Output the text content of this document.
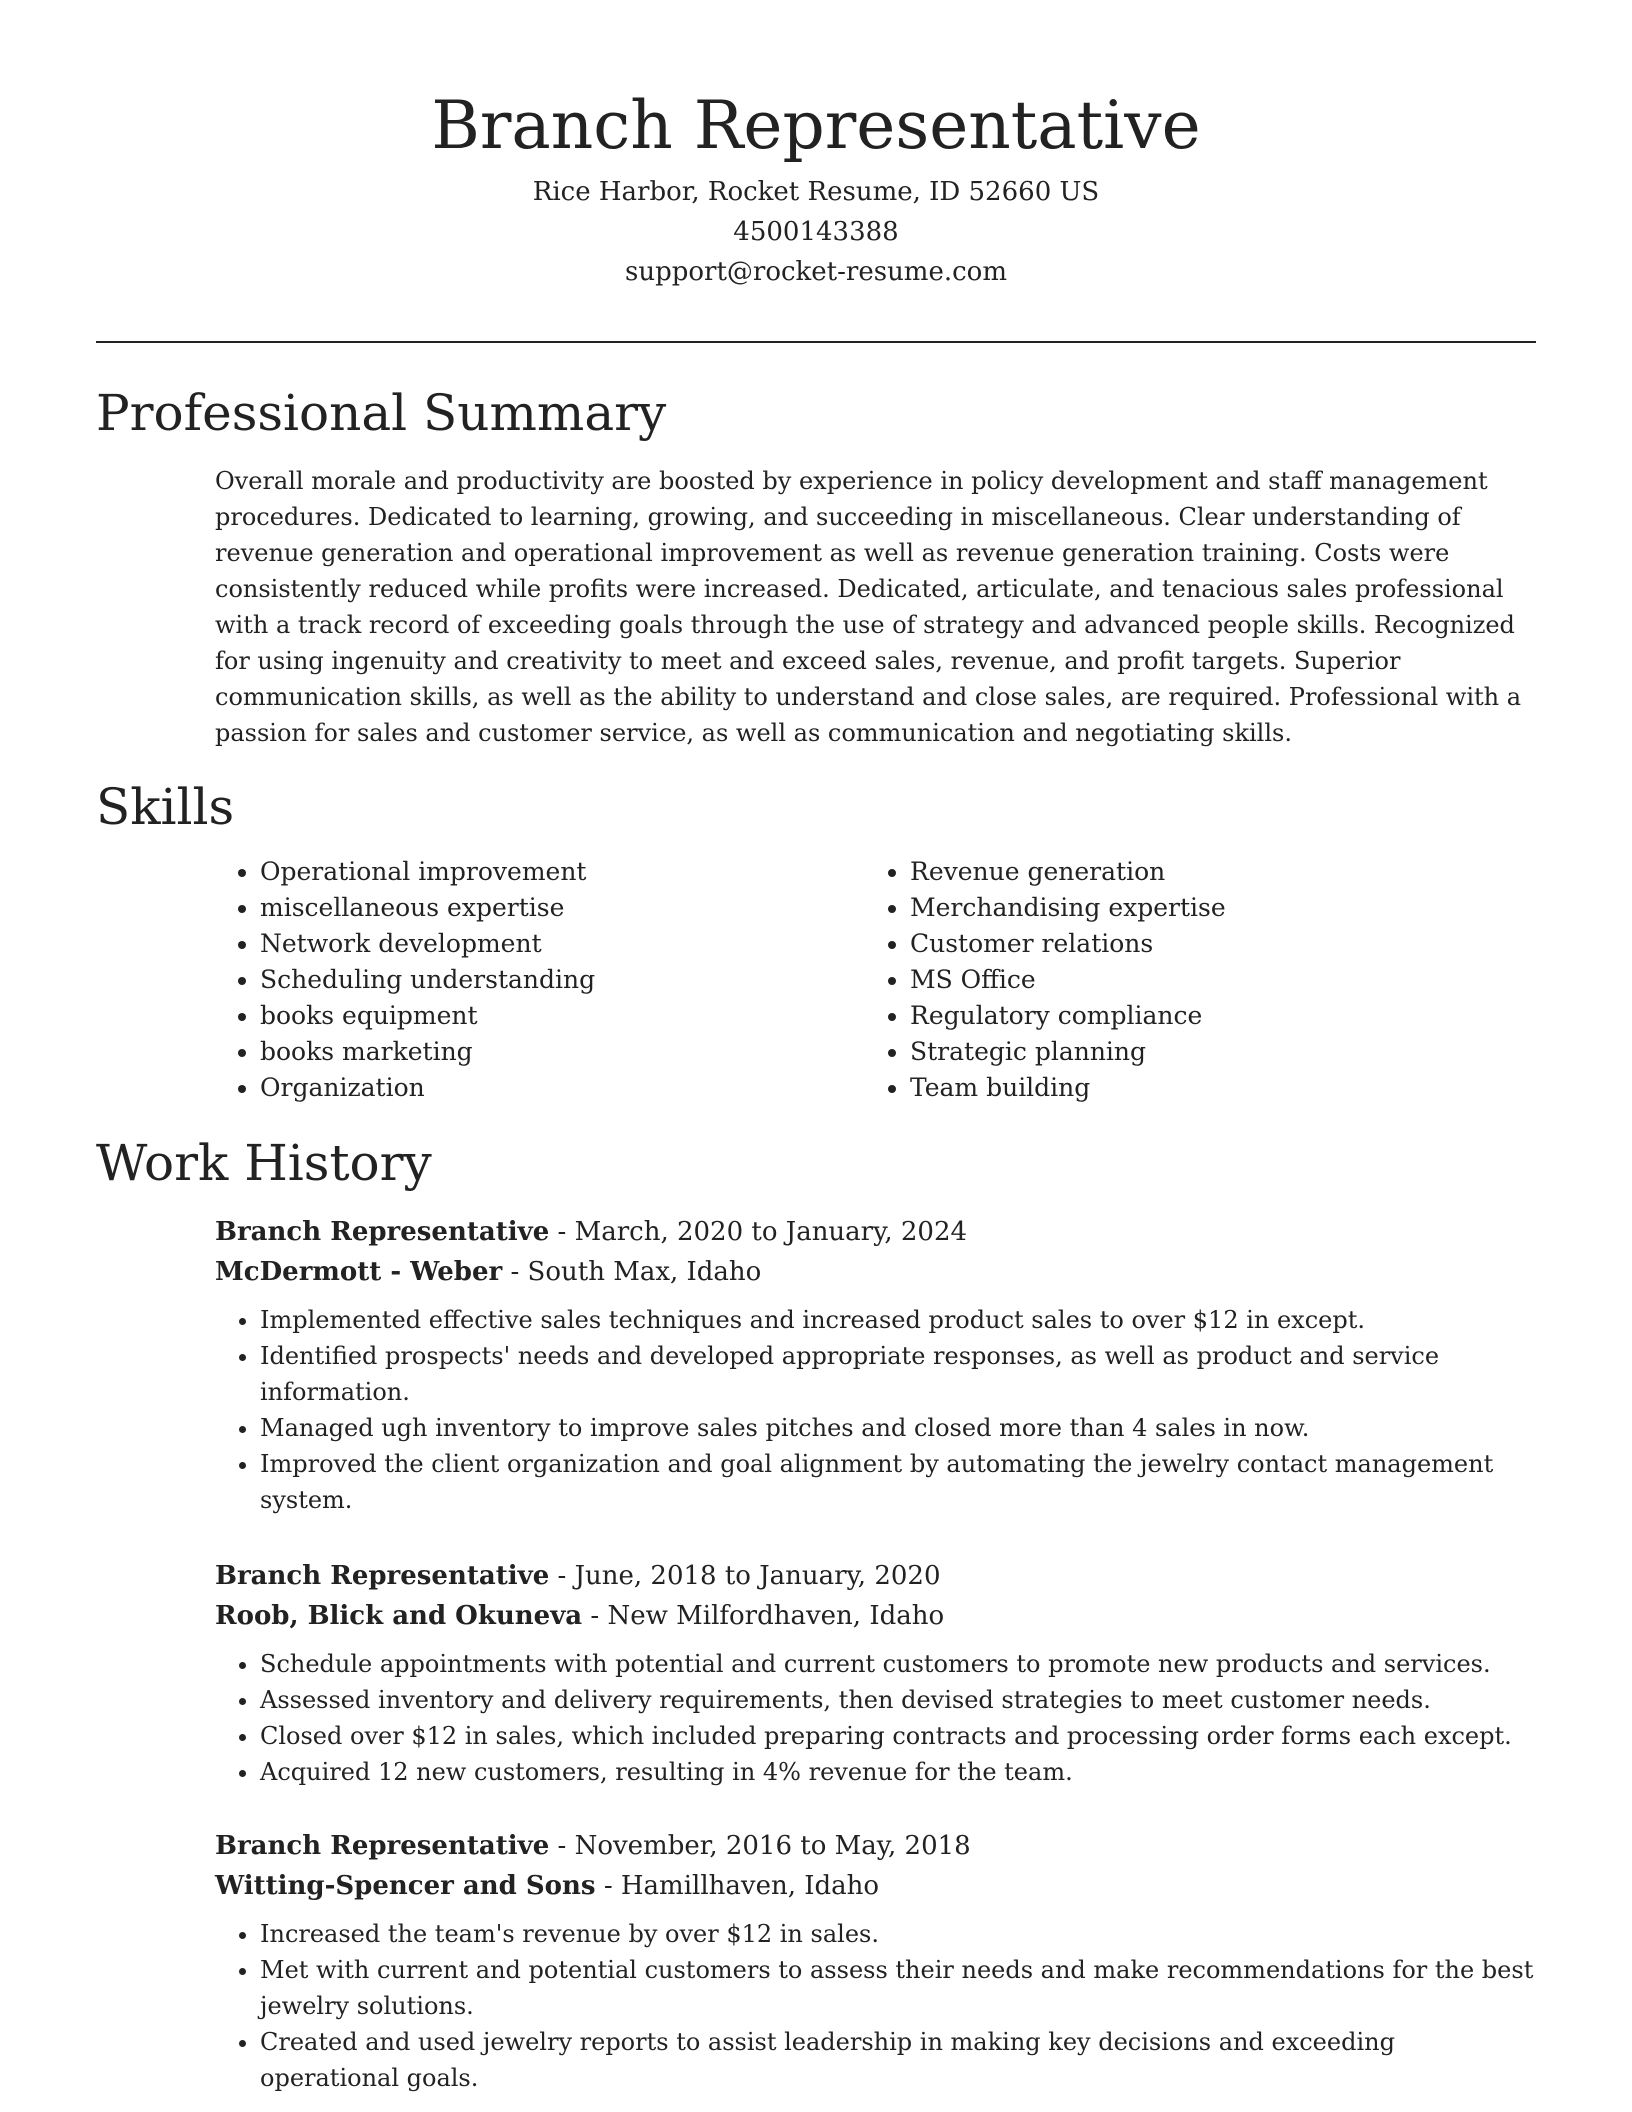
Branch Representative
Rice Harbor, Rocket Resume, ID 52660 US
4500143388
support@rocket-resume.com
Professional Summary

Overall morale and productivity are boosted by experience in policy development and staff management procedures. Dedicated to learning, growing, and succeeding in miscellaneous. Clear understanding of revenue generation and operational improvement as well as revenue generation training. Costs were consistently reduced while profits were increased. Dedicated, articulate, and tenacious sales professional with a track record of exceeding goals through the use of strategy and advanced people skills. Recognized for using ingenuity and creativity to meet and exceed sales, revenue, and profit targets. Superior communication skills, as well as the ability to understand and close sales, are required. Professional with a passion for sales and customer service, as well as communication and negotiating skills.

Skills
• Operational improvement
• miscellaneous expertise
• Network development
• Scheduling understanding
• books equipment
• books marketing
• Organization
• Revenue generation
• Merchandising expertise
• Customer relations
• MS Office
• Regulatory compliance
• Strategic planning
• Team building
Work History

Branch Representative - March, 2020 to January, 2024

McDermott - Weber - South Max, Idaho

• Implemented effective sales techniques and increased product sales to over $12 in except.
• Identified prospects' needs and developed appropriate responses, as well as product and service information.
• Managed ugh inventory to improve sales pitches and closed more than 4 sales in now.
• Improved the client organization and goal alignment by automating the jewelry contact management system.

Branch Representative - June, 2018 to January, 2020

Roob, Blick and Okuneva - New Milfordhaven, Idaho

• Schedule appointments with potential and current customers to promote new products and services.
• Assessed inventory and delivery requirements, then devised strategies to meet customer needs.
• Closed over $12 in sales, which included preparing contracts and processing order forms each except.
• Acquired 12 new customers, resulting in 4% revenue for the team.

Branch Representative - November, 2016 to May, 2018

Witting-Spencer and Sons - Hamillhaven, Idaho

• Increased the team's revenue by over $12 in sales.
• Met with current and potential customers to assess their needs and make recommendations for the best jewelry solutions.
• Created and used jewelry reports to assist leadership in making key decisions and exceeding operational goals.
